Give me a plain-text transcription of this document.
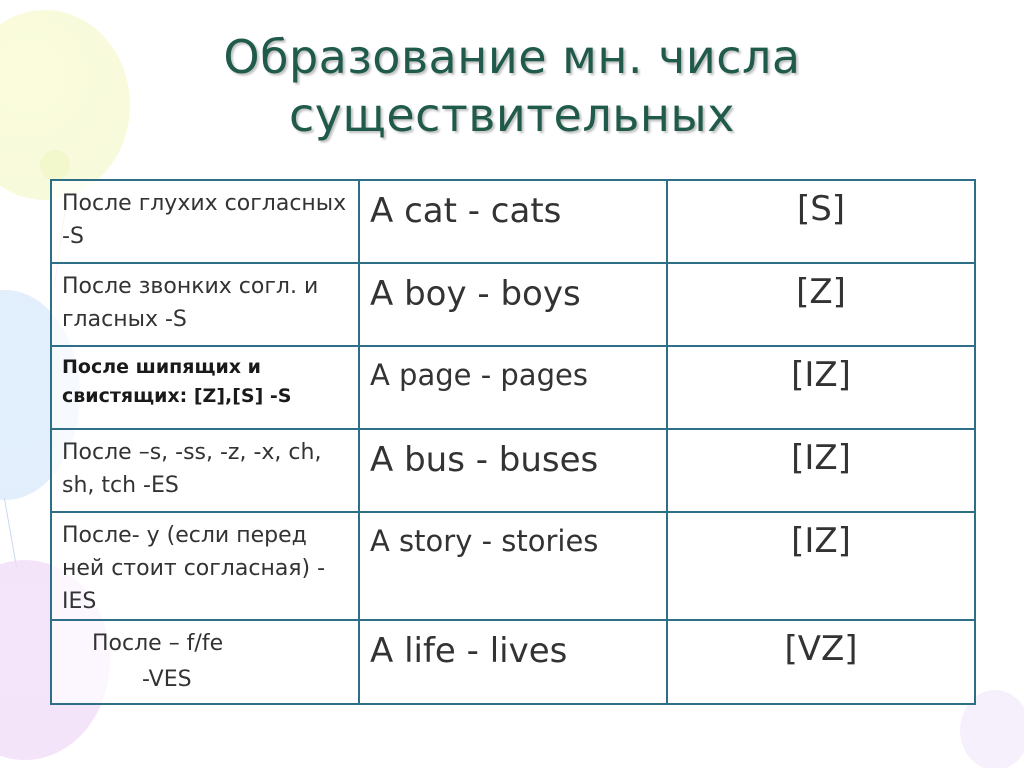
Образование мн. числа
существительных
После глухих согласных -S	A cat - cats	[S]

После звонких согл. и гласных -S	A boy - boys	[Z]

После шипящих и свистящих: [Z],[S] -S	A page - pages	[IZ]

После –s, -ss, -z, -x, ch, sh, tch -ES	A bus - buses	[IZ]

После- y (если перед ней стоит согласная) -IES	A story - stories	[IZ]

После – f/fe
-VES	A life - lives	[VZ]
